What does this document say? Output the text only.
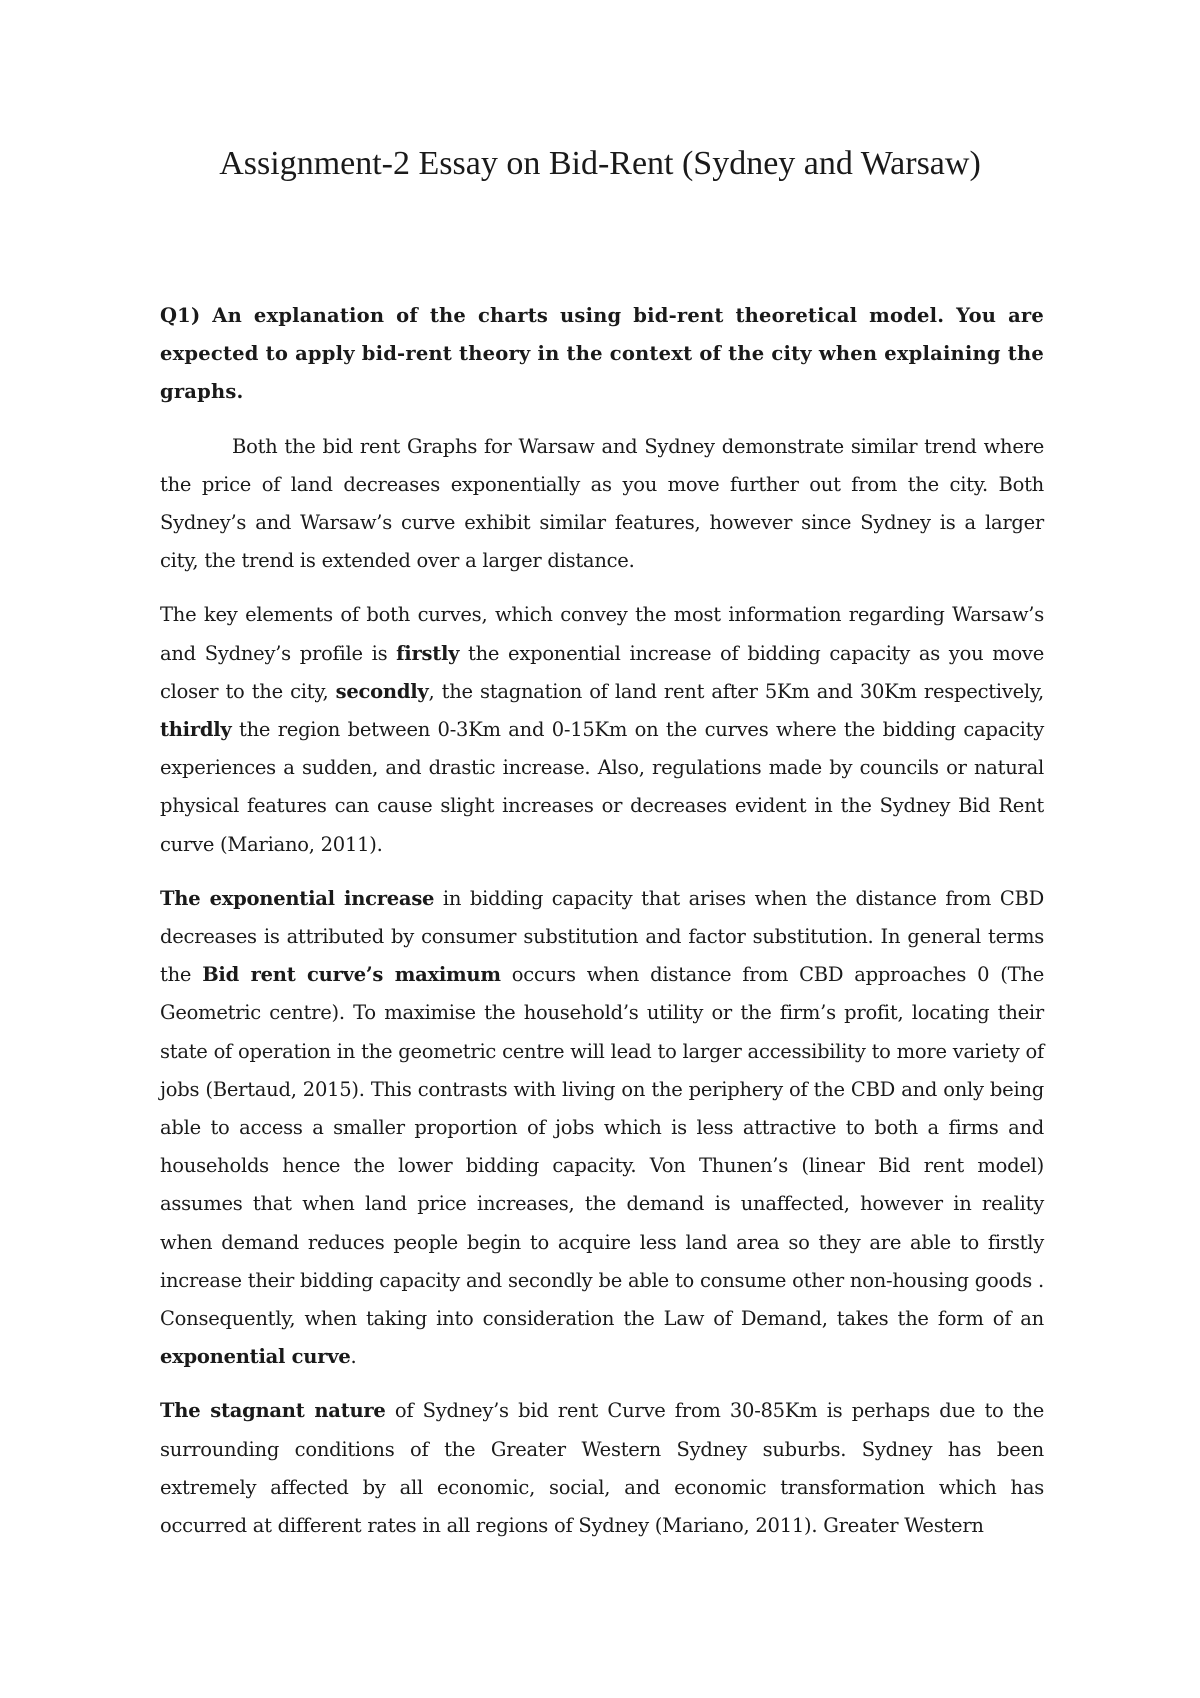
Assignment-2 Essay on Bid-Rent (Sydney and Warsaw)

Q1) An explanation of the charts using bid-rent theoretical model. You are expected to apply bid-rent theory in the context of the city when explaining the graphs.

Both the bid rent Graphs for Warsaw and Sydney demonstrate similar trend where the price of land decreases exponentially as you move further out from the city. Both Sydney’s and Warsaw’s curve exhibit similar features, however since Sydney is a larger city, the trend is extended over a larger distance.

The key elements of both curves, which convey the most information regarding Warsaw’s and Sydney’s profile is firstly the exponential increase of bidding capacity as you move closer to the city, secondly, the stagnation of land rent after 5Km and 30Km respectively, thirdly the region between 0-3Km and 0-15Km on the curves where the bidding capacity experiences a sudden, and drastic increase. Also, regulations made by councils or natural physical features can cause slight increases or decreases evident in the Sydney Bid Rent curve (Mariano, 2011).

The exponential increase in bidding capacity that arises when the distance from CBD decreases is attributed by consumer substitution and factor substitution. In general terms the Bid rent curve’s maximum occurs when distance from CBD approaches 0 (The Geometric centre). To maximise the household’s utility or the firm’s profit, locating their state of operation in the geometric centre will lead to larger accessibility to more variety of jobs (Bertaud, 2015). This contrasts with living on the periphery of the CBD and only being able to access a smaller proportion of jobs which is less attractive to both a firms and households hence the lower bidding capacity. Von Thunen’s (linear Bid rent model) assumes that when land price increases, the demand is unaffected, however in reality when demand reduces people begin to acquire less land area so they are able to firstly increase their bidding capacity and secondly be able to consume other non-housing goods . Consequently, when taking into consideration the Law of Demand, takes the form of an exponential curve.

The stagnant nature of Sydney’s bid rent Curve from 30-85Km is perhaps due to the surrounding conditions of the Greater Western Sydney suburbs. Sydney has been extremely affected by all economic, social, and economic transformation which has occurred at different rates in all regions of Sydney (Mariano, 2011). Greater Western
